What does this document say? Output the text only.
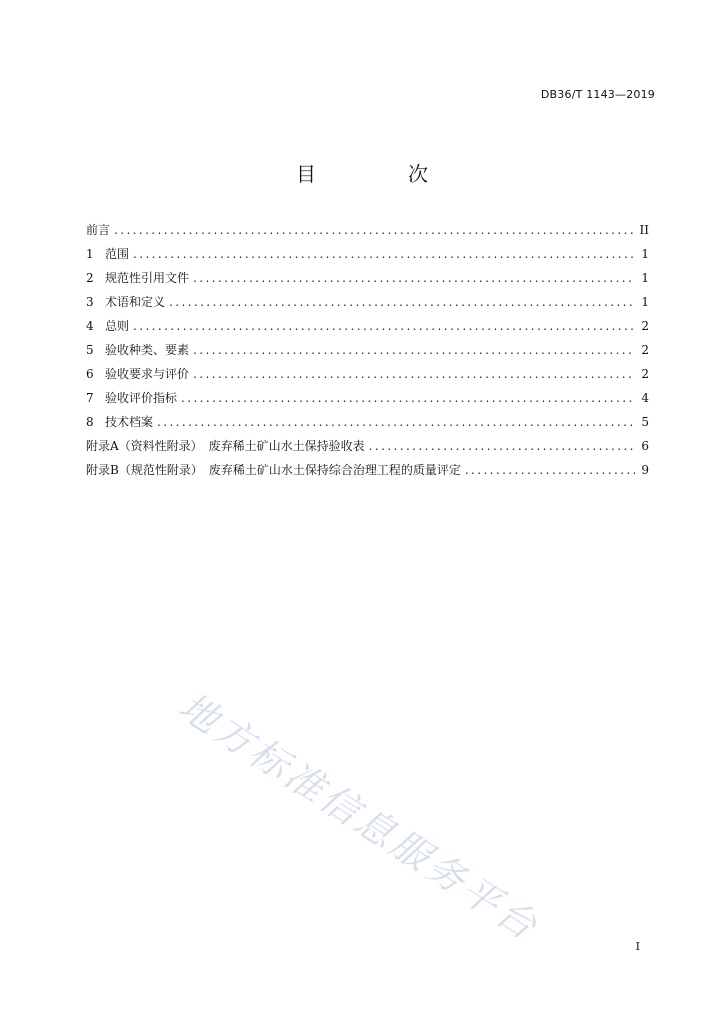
DB36/T 1143—2019
目　次
前言 .....	II
1 范围 .....	1
2 规范性引用文件 .....	1
3 术语和定义 .....	1
4 总则 .....	2
5 验收种类、要素 .....	2
6 验收要求与评价 .....	2
7 验收评价指标 .....	4
8 技术档案 .....	5
附录A（资料性附录）　废弃稀土矿山水土保持验收表 .....	6
附录B（规范性附录）　废弃稀土矿山水土保持综合治理工程的质量评定 .....	9
地方标准信息服务平台	I
